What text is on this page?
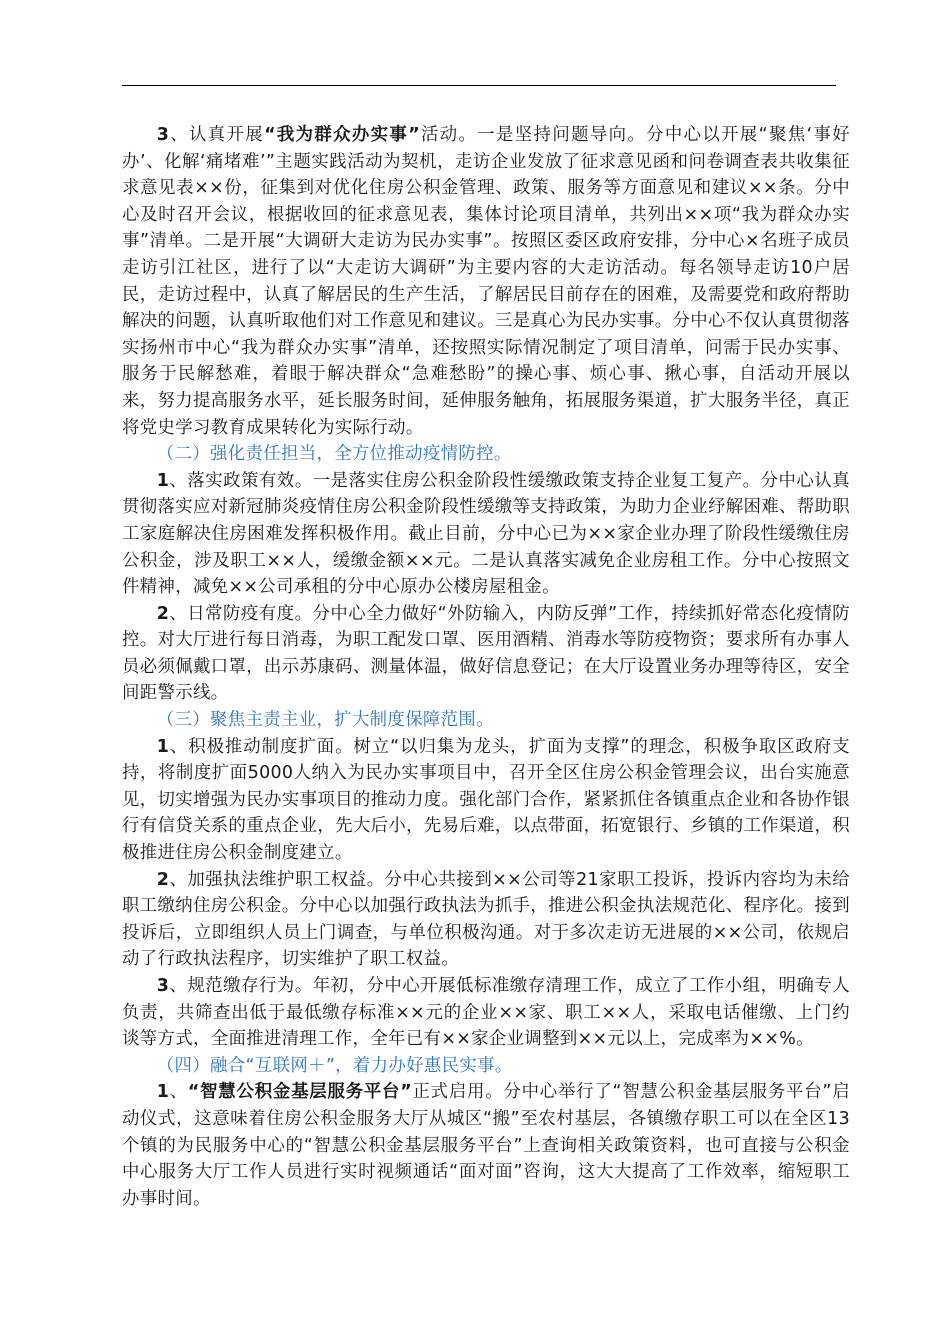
3、认真开展“我为群众办实事”活动。一是坚持问题导向。分中心以开展“聚焦‘事好办’、化解‘痛堵难’”主题实践活动为契机，走访企业发放了征求意见函和问卷调查表共收集征求意见表××份，征集到对优化住房公积金管理、政策、服务等方面意见和建议××条。分中心及时召开会议，根据收回的征求意见表，集体讨论项目清单，共列出××项“我为群众办实事”清单。二是开展“大调研大走访为民办实事”。按照区委区政府安排，分中心×名班子成员走访引江社区，进行了以“大走访大调研”为主要内容的大走访活动。每名领导走访10户居民，走访过程中，认真了解居民的生产生活，了解居民目前存在的困难，及需要党和政府帮助解决的问题，认真听取他们对工作意见和建议。三是真心为民办实事。分中心不仅认真贯彻落实扬州市中心“我为群众办实事”清单，还按照实际情况制定了项目清单，问需于民办实事、服务于民解愁难，着眼于解决群众“急难愁盼”的操心事、烦心事、揪心事，自活动开展以来，努力提高服务水平，延长服务时间，延伸服务触角，拓展服务渠道，扩大服务半径，真正将党史学习教育成果转化为实际行动。

（二）强化责任担当，全方位推动疫情防控。

1、落实政策有效。一是落实住房公积金阶段性缓缴政策支持企业复工复产。分中心认真贯彻落实应对新冠肺炎疫情住房公积金阶段性缓缴等支持政策，为助力企业纾解困难、帮助职工家庭解决住房困难发挥积极作用。截止目前，分中心已为××家企业办理了阶段性缓缴住房公积金，涉及职工××人，缓缴金额××元。二是认真落实减免企业房租工作。分中心按照文件精神，减免××公司承租的分中心原办公楼房屋租金。

2、日常防疫有度。分中心全力做好“外防输入，内防反弹”工作，持续抓好常态化疫情防控。对大厅进行每日消毒，为职工配发口罩、医用酒精、消毒水等防疫物资；要求所有办事人员必须佩戴口罩，出示苏康码、测量体温，做好信息登记；在大厅设置业务办理等待区，安全间距警示线。

（三）聚焦主责主业，扩大制度保障范围。

1、积极推动制度扩面。树立“以归集为龙头，扩面为支撑”的理念，积极争取区政府支持，将制度扩面5000人纳入为民办实事项目中，召开全区住房公积金管理会议，出台实施意见，切实增强为民办实事项目的推动力度。强化部门合作，紧紧抓住各镇重点企业和各协作银行有信贷关系的重点企业，先大后小，先易后难，以点带面，拓宽银行、乡镇的工作渠道，积极推进住房公积金制度建立。

2、加强执法维护职工权益。分中心共接到××公司等21家职工投诉，投诉内容均为未给职工缴纳住房公积金。分中心以加强行政执法为抓手，推进公积金执法规范化、程序化。接到投诉后，立即组织人员上门调查，与单位积极沟通。对于多次走访无进展的××公司，依规启动了行政执法程序，切实维护了职工权益。

3、规范缴存行为。年初，分中心开展低标准缴存清理工作，成立了工作小组，明确专人负责，共筛查出低于最低缴存标准××元的企业××家、职工××人，采取电话催缴、上门约谈等方式，全面推进清理工作，全年已有××家企业调整到××元以上，完成率为××%。

（四）融合“互联网＋”，着力办好惠民实事。

1、“智慧公积金基层服务平台”正式启用。分中心举行了“智慧公积金基层服务平台”启动仪式，这意味着住房公积金服务大厅从城区“搬”至农村基层，各镇缴存职工可以在全区13个镇的为民服务中心的“智慧公积金基层服务平台”上查询相关政策资料，也可直接与公积金中心服务大厅工作人员进行实时视频通话“面对面”咨询，这大大提高了工作效率，缩短职工办事时间。
